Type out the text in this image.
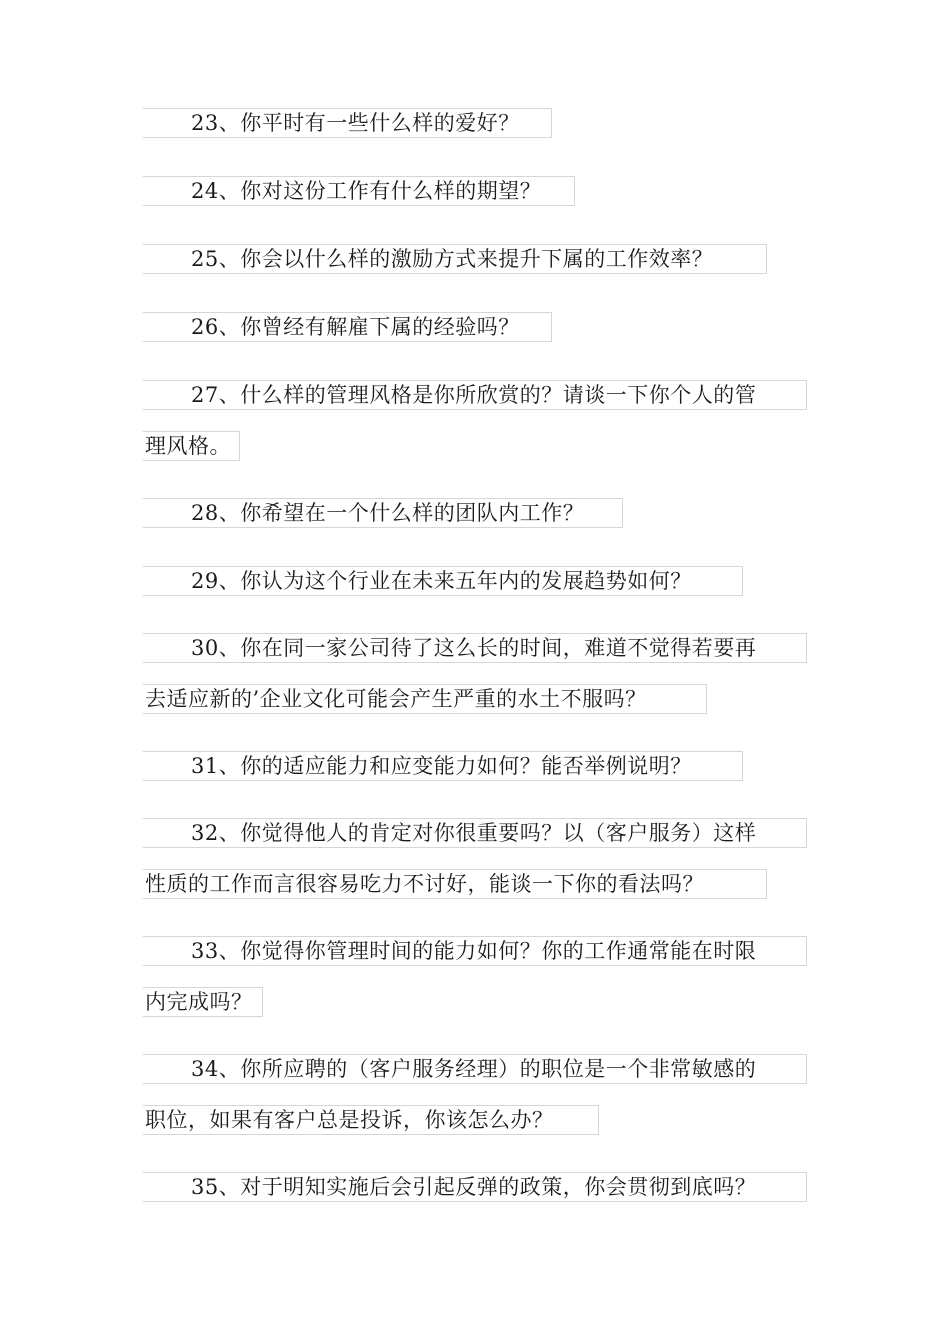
23、你平时有一些什么样的爱好？
24、你对这份工作有什么样的期望？
25、你会以什么样的激励方式来提升下属的工作效率？
26、你曾经有解雇下属的经验吗？
27、什么样的管理风格是你所欣赏的？请谈一下你个人的管
理风格。
28、你希望在一个什么样的团队内工作？
29、你认为这个行业在未来五年内的发展趋势如何？
30、你在同一家公司待了这么长的时间，难道不觉得若要再
去适应新的’企业文化可能会产生严重的水土不服吗？
31、你的适应能力和应变能力如何？能否举例说明？
32、你觉得他人的肯定对你很重要吗？以（客户服务）这样
性质的工作而言很容易吃力不讨好，能谈一下你的看法吗？
33、你觉得你管理时间的能力如何？你的工作通常能在时限
内完成吗？
34、你所应聘的（客户服务经理）的职位是一个非常敏感的
职位，如果有客户总是投诉，你该怎么办？
35、对于明知实施后会引起反弹的政策，你会贯彻到底吗？
